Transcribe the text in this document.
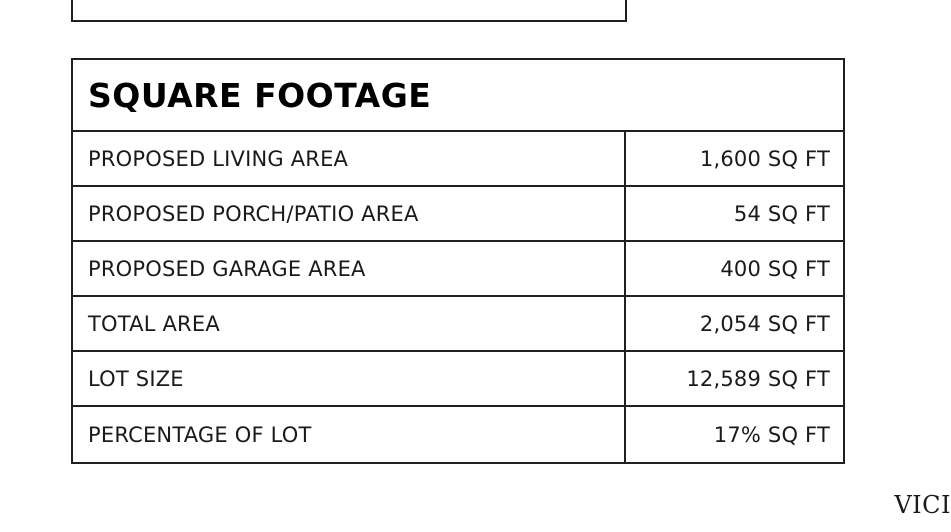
SQUARE FOOTAGE
PROPOSED LIVING AREA	1,600 SQ FT
PROPOSED PORCH/PATIO AREA	54 SQ FT
PROPOSED GARAGE AREA	400 SQ FT
TOTAL AREA	2,054 SQ FT
LOT SIZE	12,589 SQ FT
PERCENTAGE OF LOT	17% SQ FT
VICI
